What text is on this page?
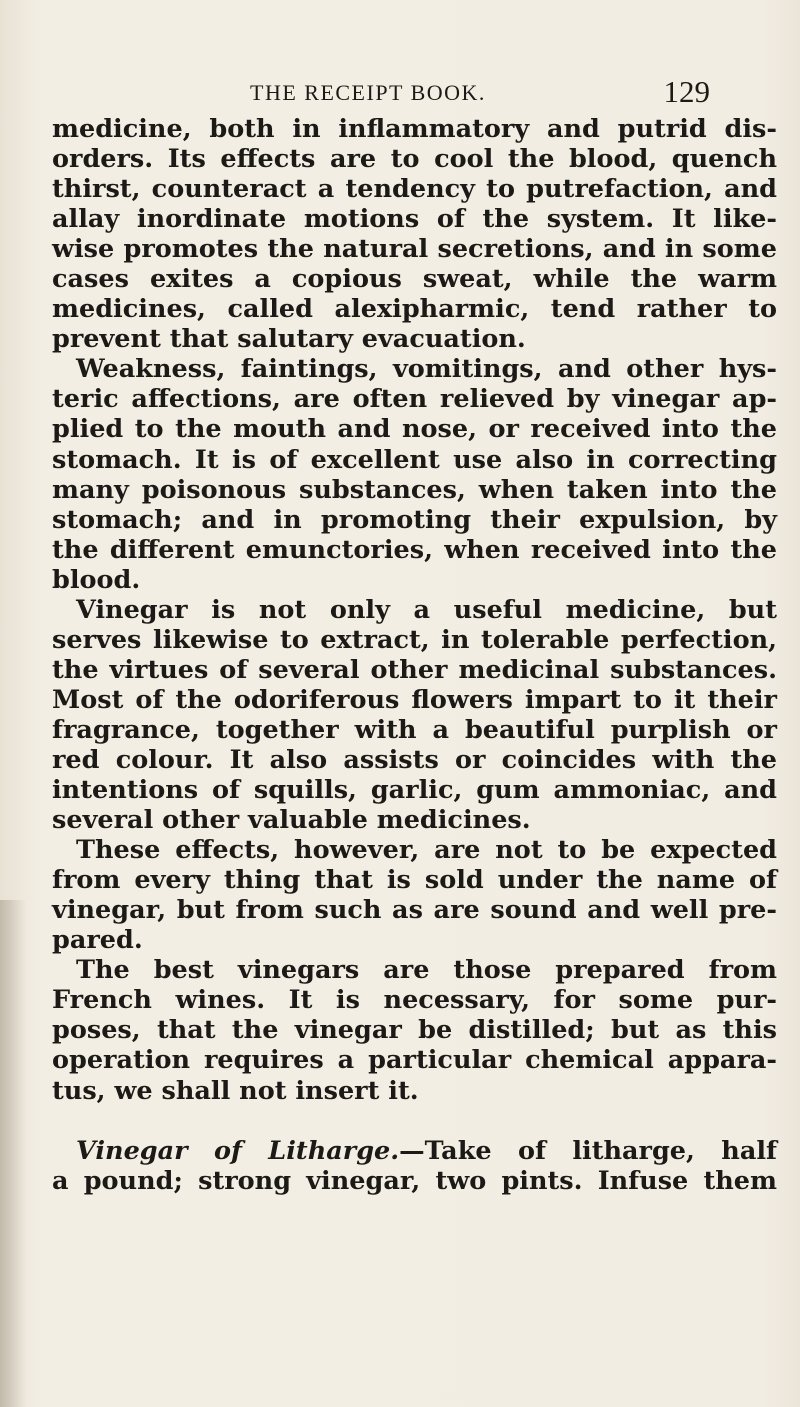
THE RECEIPT BOOK.	129
medicine, both in inflammatory and putrid dis-
orders. Its effects are to cool the blood, quench
thirst, counteract a tendency to putrefaction, and
allay inordinate motions of the system. It like-
wise promotes the natural secretions, and in some
cases exites a copious sweat, while the warm
medicines, called alexipharmic, tend rather to
prevent that salutary evacuation.
Weakness, faintings, vomitings, and other hys-
teric affections, are often relieved by vinegar ap-
plied to the mouth and nose, or received into the
stomach. It is of excellent use also in correcting
many poisonous substances, when taken into the
stomach; and in promoting their expulsion, by
the different emunctories, when received into the
blood.
Vinegar is not only a useful medicine, but
serves likewise to extract, in tolerable perfection,
the virtues of several other medicinal substances.
Most of the odoriferous flowers impart to it their
fragrance, together with a beautiful purplish or
red colour. It also assists or coincides with the
intentions of squills, garlic, gum ammoniac, and
several other valuable medicines.
These effects, however, are not to be expected
from every thing that is sold under the name of
vinegar, but from such as are sound and well pre-
pared.
The best vinegars are those prepared from
French wines. It is necessary, for some pur-
poses, that the vinegar be distilled; but as this
operation requires a particular chemical appara-
tus, we shall not insert it.
Vinegar of Litharge.—Take of litharge, half
a pound; strong vinegar, two pints. Infuse them
